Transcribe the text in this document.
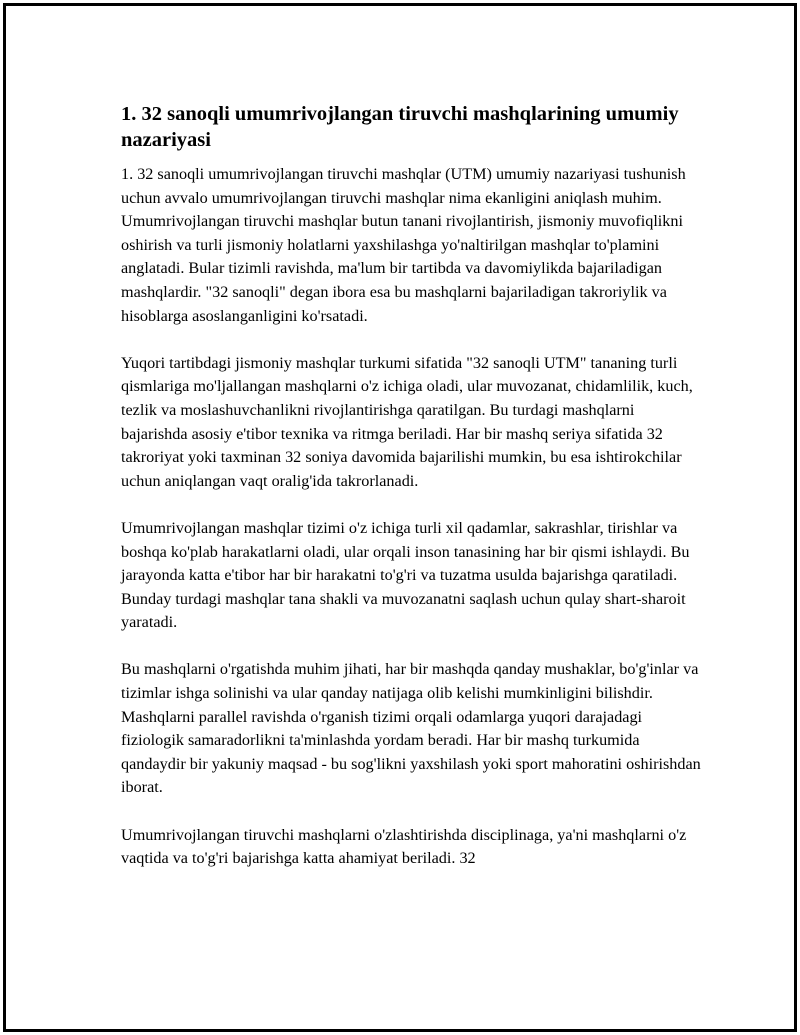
1. 32 sanoqli umumrivojlangan tiruvchi mashqlarining umumiy nazariyasi

1. 32 sanoqli umumrivojlangan tiruvchi mashqlar (UTM) umumiy nazariyasi tushunish uchun avvalo umumrivojlangan tiruvchi mashqlar nima ekanligini aniqlash muhim. Umumrivojlangan tiruvchi mashqlar butun tanani rivojlantirish, jismoniy muvofiqlikni oshirish va turli jismoniy holatlarni yaxshilashga yo'naltirilgan mashqlar to'plamini anglatadi. Bular tizimli ravishda, ma'lum bir tartibda va davomiylikda bajariladigan mashqlardir. "32 sanoqli" degan ibora esa bu mashqlarni bajariladigan takroriylik va hisoblarga asoslanganligini ko'rsatadi.

Yuqori tartibdagi jismoniy mashqlar turkumi sifatida "32 sanoqli UTM" tananing turli qismlariga mo'ljallangan mashqlarni o'z ichiga oladi, ular muvozanat, chidamlilik, kuch, tezlik va moslashuvchanlikni rivojlantirishga qaratilgan. Bu turdagi mashqlarni bajarishda asosiy e'tibor texnika va ritmga beriladi. Har bir mashq seriya sifatida 32 takroriyat yoki taxminan 32 soniya davomida bajarilishi mumkin, bu esa ishtirokchilar uchun aniqlangan vaqt oralig'ida takrorlanadi.

Umumrivojlangan mashqlar tizimi o'z ichiga turli xil qadamlar, sakrashlar, tirishlar va boshqa ko'plab harakatlarni oladi, ular orqali inson tanasining har bir qismi ishlaydi. Bu jarayonda katta e'tibor har bir harakatni to'g'ri va tuzatma usulda bajarishga qaratiladi. Bunday turdagi mashqlar tana shakli va muvozanatni saqlash uchun qulay shart-sharoit yaratadi.

Bu mashqlarni o'rgatishda muhim jihati, har bir mashqda qanday mushaklar, bo'g'inlar va tizimlar ishga solinishi va ular qanday natijaga olib kelishi mumkinligini bilishdir. Mashqlarni parallel ravishda o'rganish tizimi orqali odamlarga yuqori darajadagi fiziologik samaradorlikni ta'minlashda yordam beradi. Har bir mashq turkumida qandaydir bir yakuniy maqsad - bu sog'likni yaxshilash yoki sport mahoratini oshirishdan iborat.

Umumrivojlangan tiruvchi mashqlarni o'zlashtirishda disciplinaga, ya'ni mashqlarni o'z vaqtida va to'g'ri bajarishga katta ahamiyat beriladi. 32
